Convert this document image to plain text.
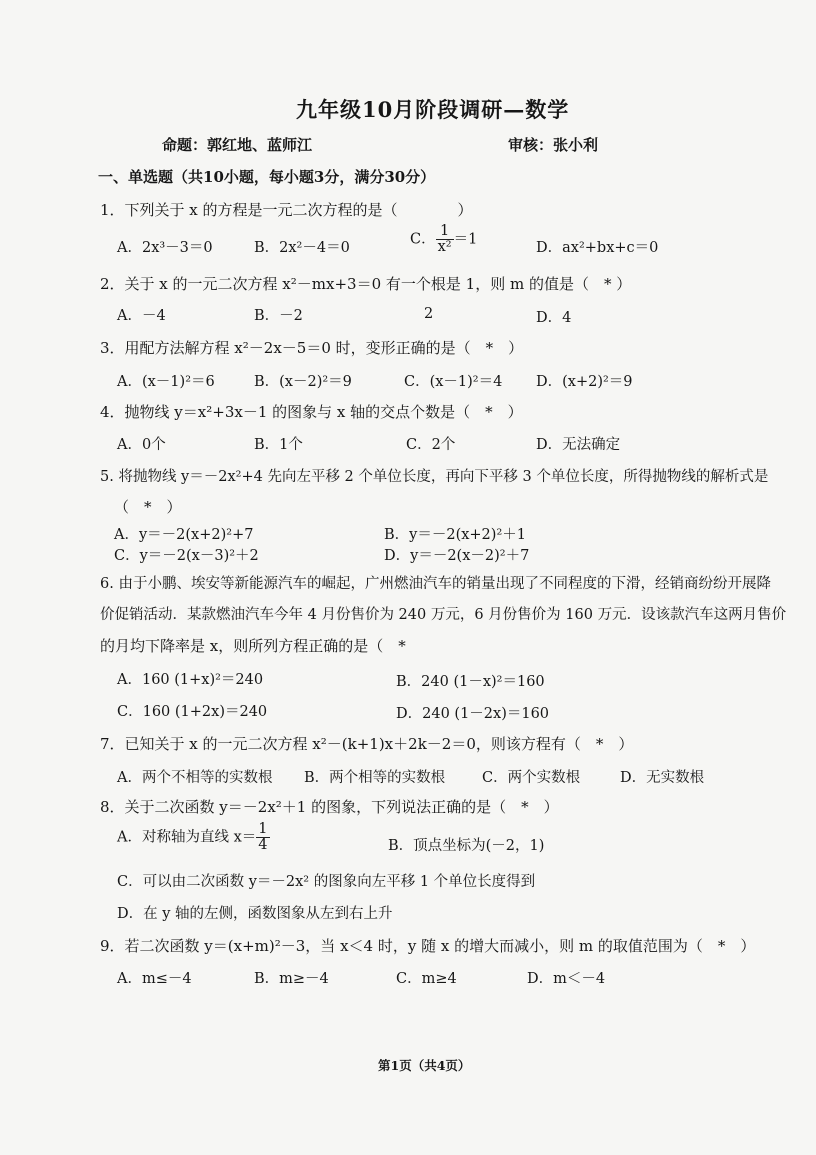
九年级10月阶段调研—数学
命题：郭红地、蓝师江	审核：张小利
一、单选题（共10小题，每小题3分，满分30分）
1．下列关于 x 的方程是一元二次方程的是（　　　　）
A．2x³－3＝0	B．2x²－4＝0
C． $\frac{1}{\text{x²}} =1$
D．ax²+bx+c＝0
2．关于 x 的一元二次方程 x²－mx+3＝0 有一个根是 1，则 m 的值是（　* ）
A．－4	B．－2	2	D．4
3．用配方法解方程 x²－2x－5＝0 时，变形正确的是（　*　）
A．(x－1)²＝6	B．(x－2)²＝9	C．(x－1)²＝4 D．(x+2)²＝9
4．抛物线 y＝x²+3x－1 的图象与 x 轴的交点个数是（　*　）
A．0个	B．1个	C．2个	D．无法确定
5. 将抛物线 y＝－2x²+4 先向左平移 2 个单位长度，再向下平移 3 个单位长度，所得抛物线的解析式是
（　*　）
A．y＝－2(x+2)²+7	B．y＝－2(x+2)²＋1
C．y＝－2(x－3)²＋2	D．y＝－2(x－2)²＋7
6. 由于小鹏、埃安等新能源汽车的崛起，广州燃油汽车的销量出现了不同程度的下滑，经销商纷纷开展降
价促销活动．某款燃油汽车今年 4 月份售价为 240 万元，6 月份售价为 160 万元．设该款汽车这两月售价
的月均下降率是 x，则所列方程正确的是（　*
A．160 (1+x)²＝240	B．240 (1－x)²＝160
C．160 (1+2x)＝240	D．240 (1－2x)＝160
7．已知关于 x 的一元二次方程 x²－(k+1)x＋2k－2＝0，则该方程有（　*　）
A．两个不相等的实数根 B．两个相等的实数根	C．两个实数根	D．无实数根
8．关于二次函数 y＝－2x²＋1 的图象，下列说法正确的是（　*　）
A．对称轴为直线 $x= \frac{1}{4}$	B．顶点坐标为(－2，1)
C．可以由二次函数 y＝－2x² 的图象向左平移 1 个单位长度得到
D．在 y 轴的左侧，函数图象从左到右上升
9．若二次函数 y＝(x+m)²－3，当 x＜4 时，y 随 x 的增大而减小，则 m 的取值范围为（　*　）
A．m≤－4	B．m≥－4	C．m≥4	D．m＜－4
第1页（共4页）
